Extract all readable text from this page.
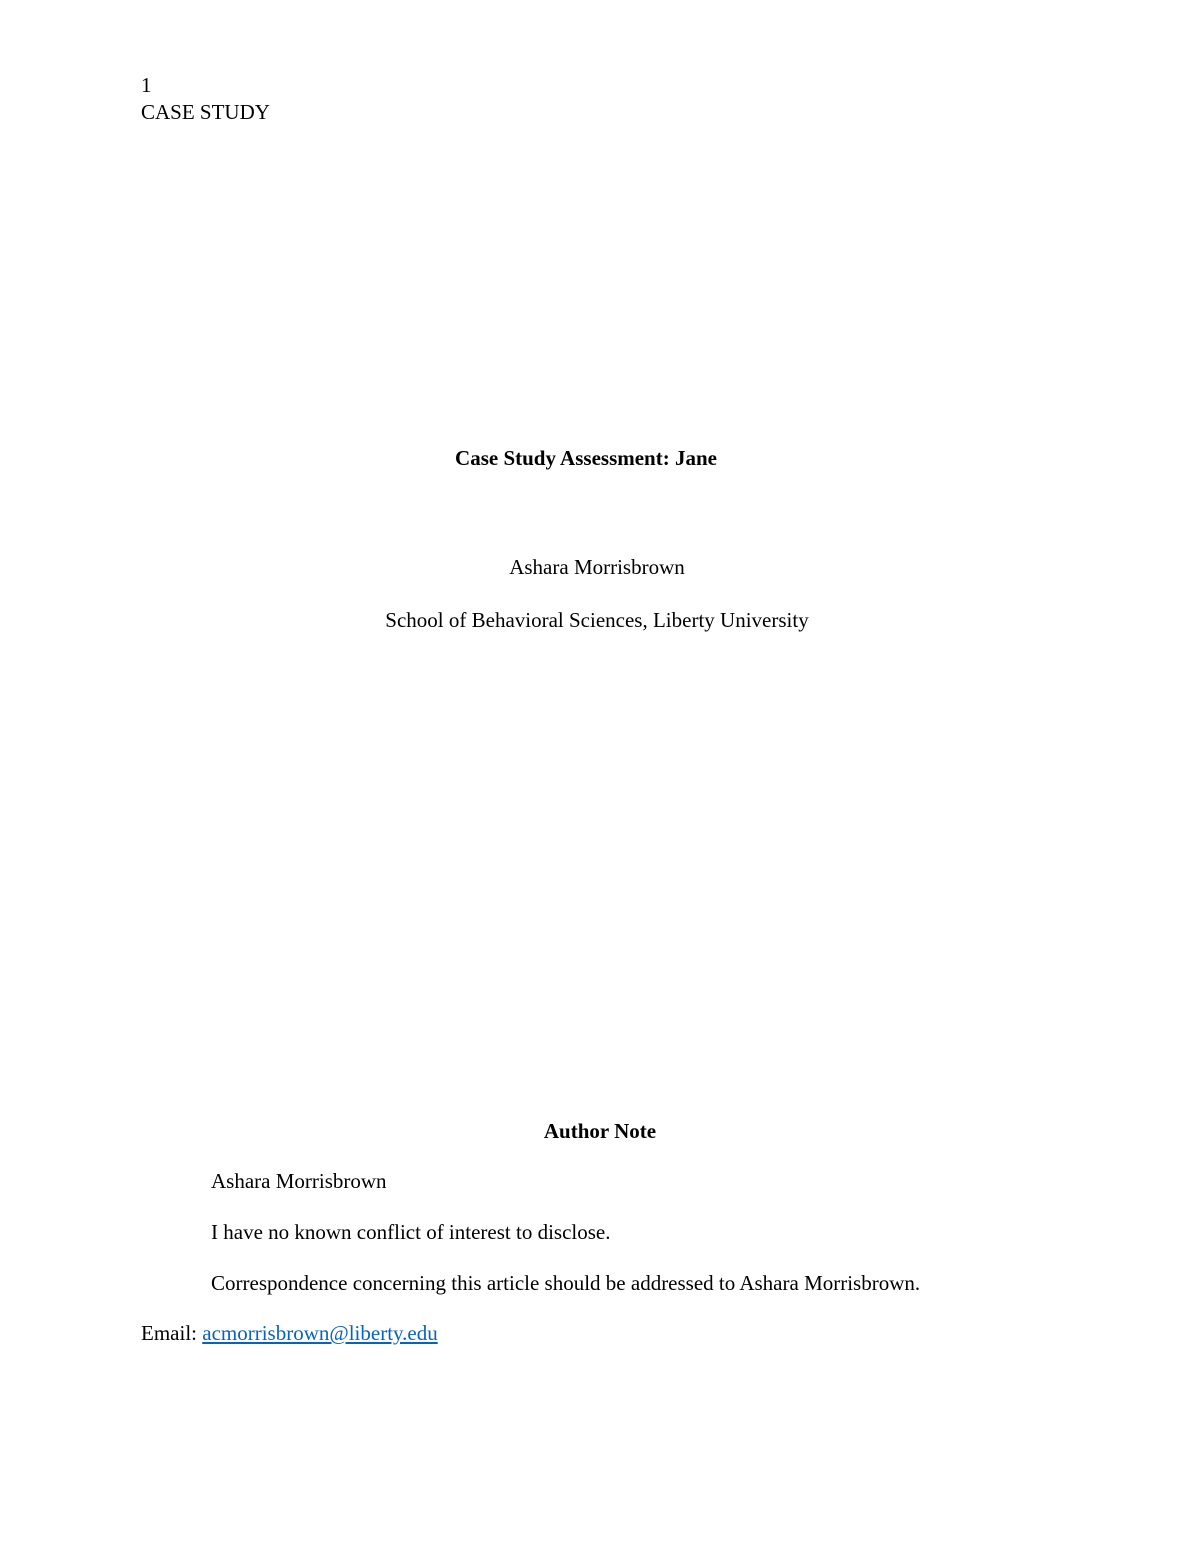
1
CASE STUDY
Case Study Assessment: Jane
Ashara Morrisbrown
School of Behavioral Sciences, Liberty University
Author Note
Ashara Morrisbrown
I have no known conflict of interest to disclose.
Correspondence concerning this article should be addressed to Ashara Morrisbrown.
Email: acmorrisbrown@liberty.edu
